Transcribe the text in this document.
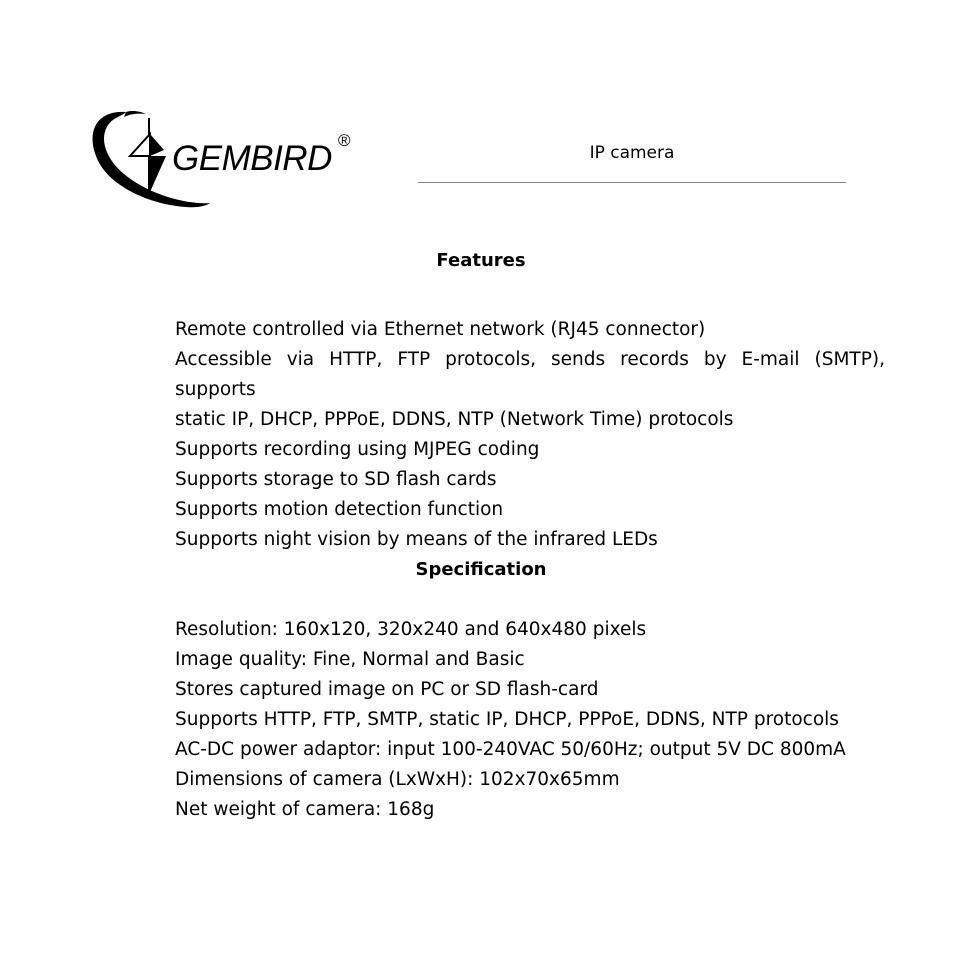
GEMBIRD ®
IP camera
Features
Remote controlled via Ethernet network (RJ45 connector)
Accessible via HTTP, FTP protocols, sends records by E-mail (SMTP), supports
static IP, DHCP, PPPoE, DDNS, NTP (Network Time) protocols
Supports recording using MJPEG coding
Supports storage to SD flash cards
Supports motion detection function
Supports night vision by means of the infrared LEDs
Specification
Resolution: 160x120, 320x240 and 640x480 pixels
Image quality: Fine, Normal and Basic
Stores captured image on PC or SD flash-card
Supports HTTP, FTP, SMTP, static IP, DHCP, PPPoE, DDNS, NTP protocols
AC-DC power adaptor: input 100-240VAC 50/60Hz; output 5V DC 800mA
Dimensions of camera (LxWxH): 102x70x65mm
Net weight of camera: 168g
